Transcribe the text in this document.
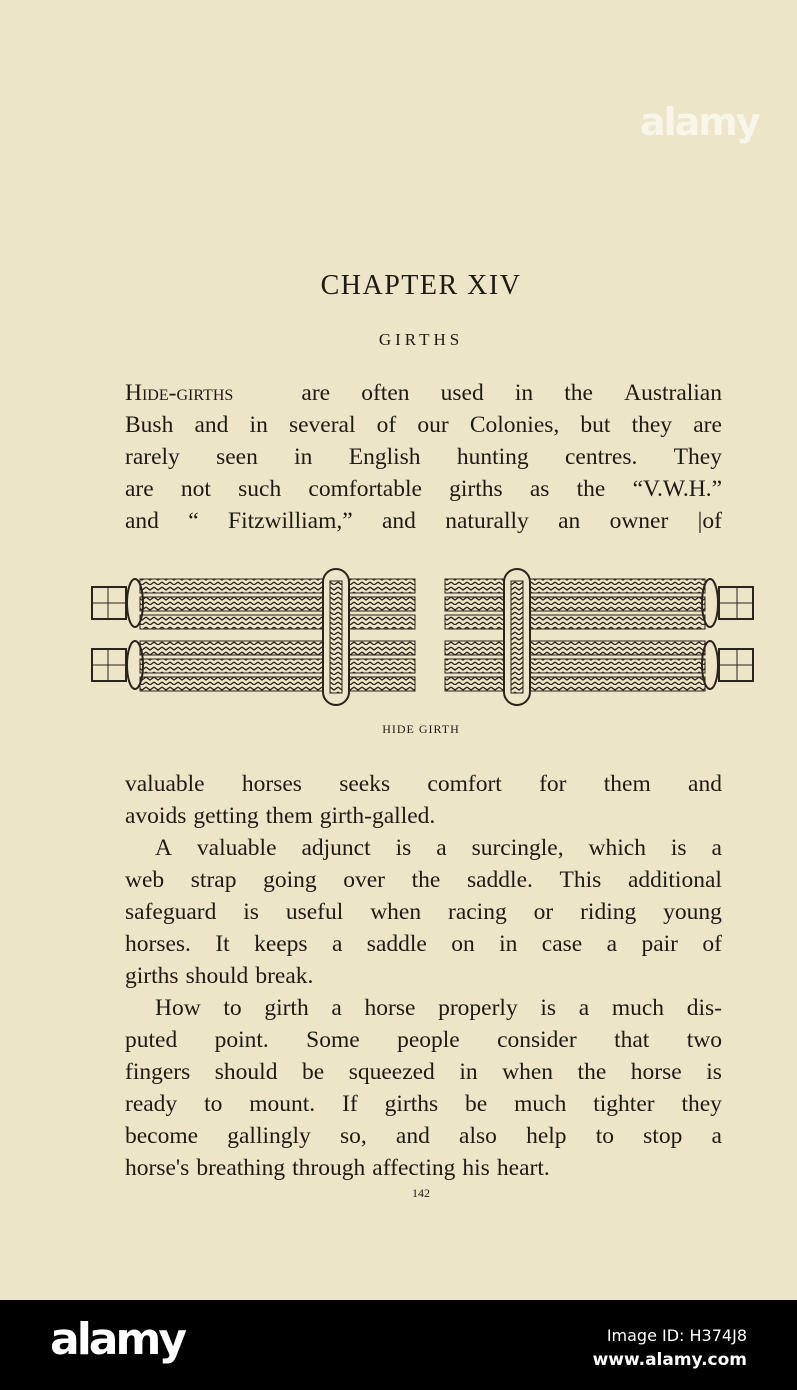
CHAPTER XIV
GIRTHS
Hide-girths
	are often used in the Australian
Bush and in several of our Colonies, but they are
rarely seen in English hunting centres. They
are not such comfortable girths as the “V.W.H.”
and “ Fitzwilliam,” and naturally an owner |of
HIDE GIRTH
valuable horses seeks comfort for them and
avoids getting them girth-galled.
A valuable adjunct is a surcingle, which is a
web strap going over the saddle. This additional
safeguard is useful when racing or riding young
horses. It keeps a saddle on in case a pair of
girths should break.
How to girth a horse properly is a much dis-
puted point. Some people consider that two
fingers should be squeezed in when the horse is
ready to mount. If girths be much tighter they
become gallingly so, and also help to stop a
horse's breathing through affecting his heart.
142
alamy
alamy	Image ID: H374J8
www.alamy.com
